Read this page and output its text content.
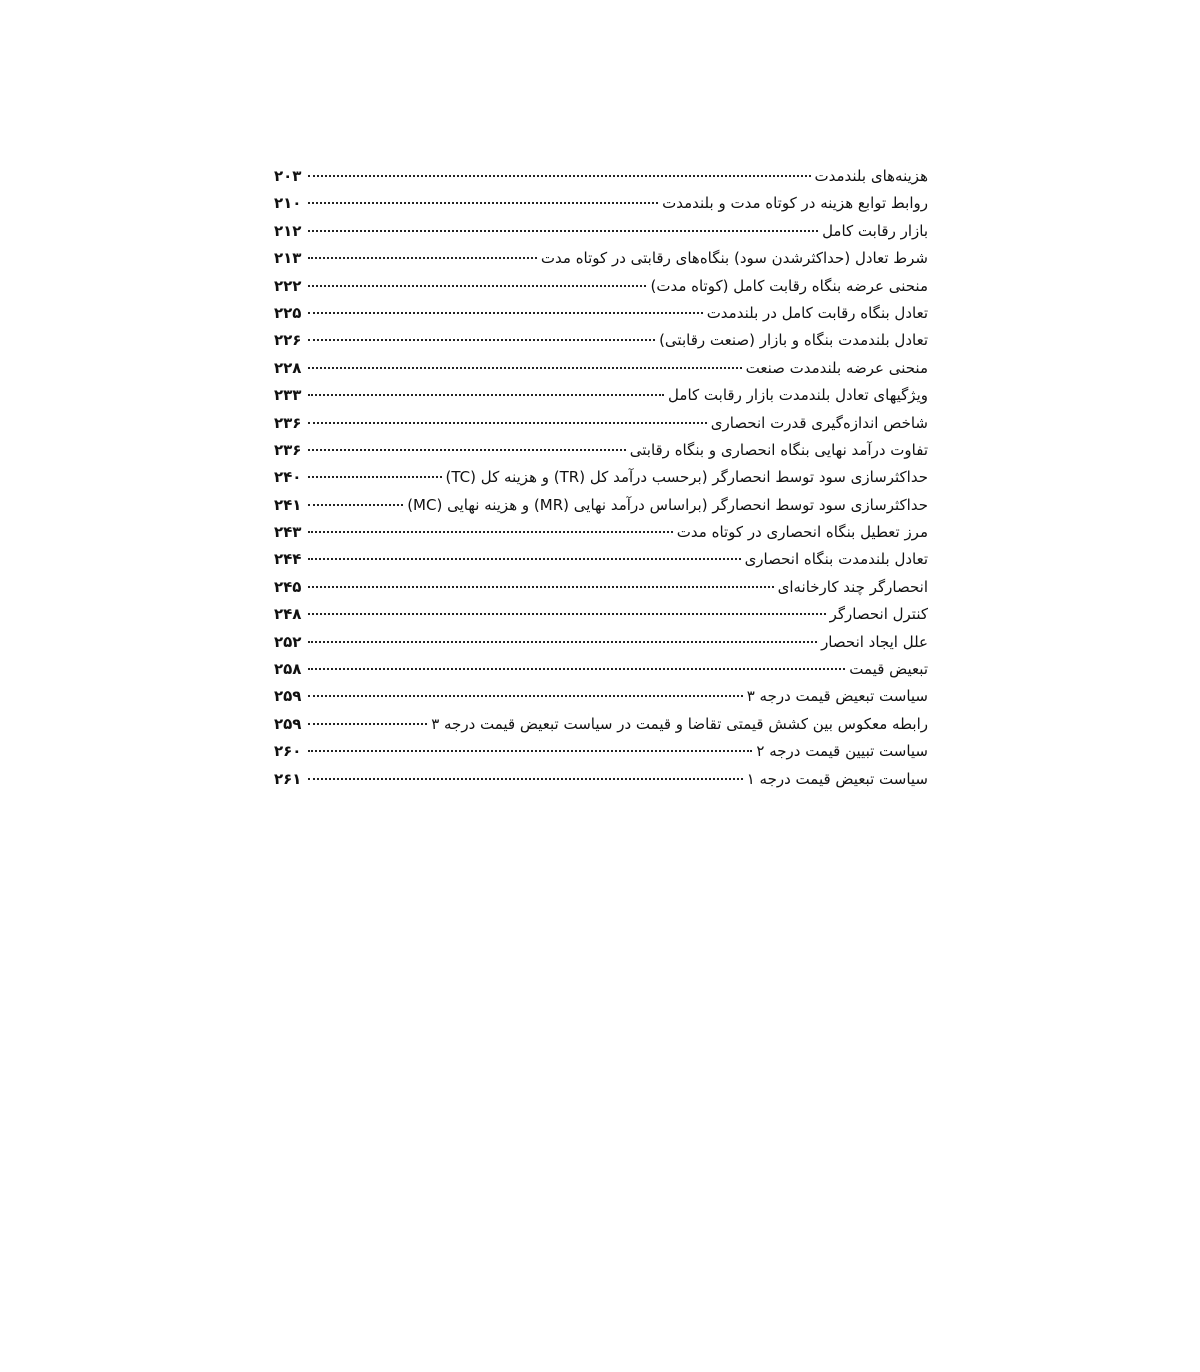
هزینه‌های بلندمدت
۲۰۳
روابط توابع هزینه در کوتاه مدت و بلندمدت
۲۱۰
بازار رقابت کامل
۲۱۲
شرط تعادل (حداکثرشدن سود) بنگاه‌های رقابتی در کوتاه مدت
۲۱۳
منحنی عرضه بنگاه رقابت کامل (کوتاه مدت)
۲۲۲
تعادل بنگاه رقابت کامل در بلندمدت
۲۲۵
تعادل بلندمدت بنگاه و بازار (صنعت رقابتی)
۲۲۶
منحنی عرضه بلندمدت صنعت
۲۲۸
ویژگیهای تعادل بلندمدت بازار رقابت کامل
۲۳۳
شاخص اندازه‌گیری قدرت انحصاری
۲۳۶
تفاوت درآمد نهایی بنگاه انحصاری و بنگاه رقابتی
۲۳۶
حداکثرسازی سود توسط انحصارگر (برحسب درآمد کل (TR) و هزینه کل (TC)
۲۴۰
حداکثرسازی سود توسط انحصارگر (براساس درآمد نهایی (MR) و هزینه نهایی (MC)
۲۴۱
مرز تعطیل بنگاه انحصاری در کوتاه مدت
۲۴۳
تعادل بلندمدت بنگاه انحصاری
۲۴۴
انحصارگر چند کارخانه‌ای
۲۴۵
کنترل انحصارگر
۲۴۸
علل ایجاد انحصار
۲۵۲
تبعیض قیمت
۲۵۸
سیاست تبعیض قیمت درجه ۳
۲۵۹
رابطه معکوس بین کشش قیمتی تقاضا و قیمت در سیاست تبعیض قیمت درجه ۳
۲۵۹
سیاست تبیین قیمت درجه ۲
۲۶۰
سیاست تبعیض قیمت درجه ۱
۲۶۱
